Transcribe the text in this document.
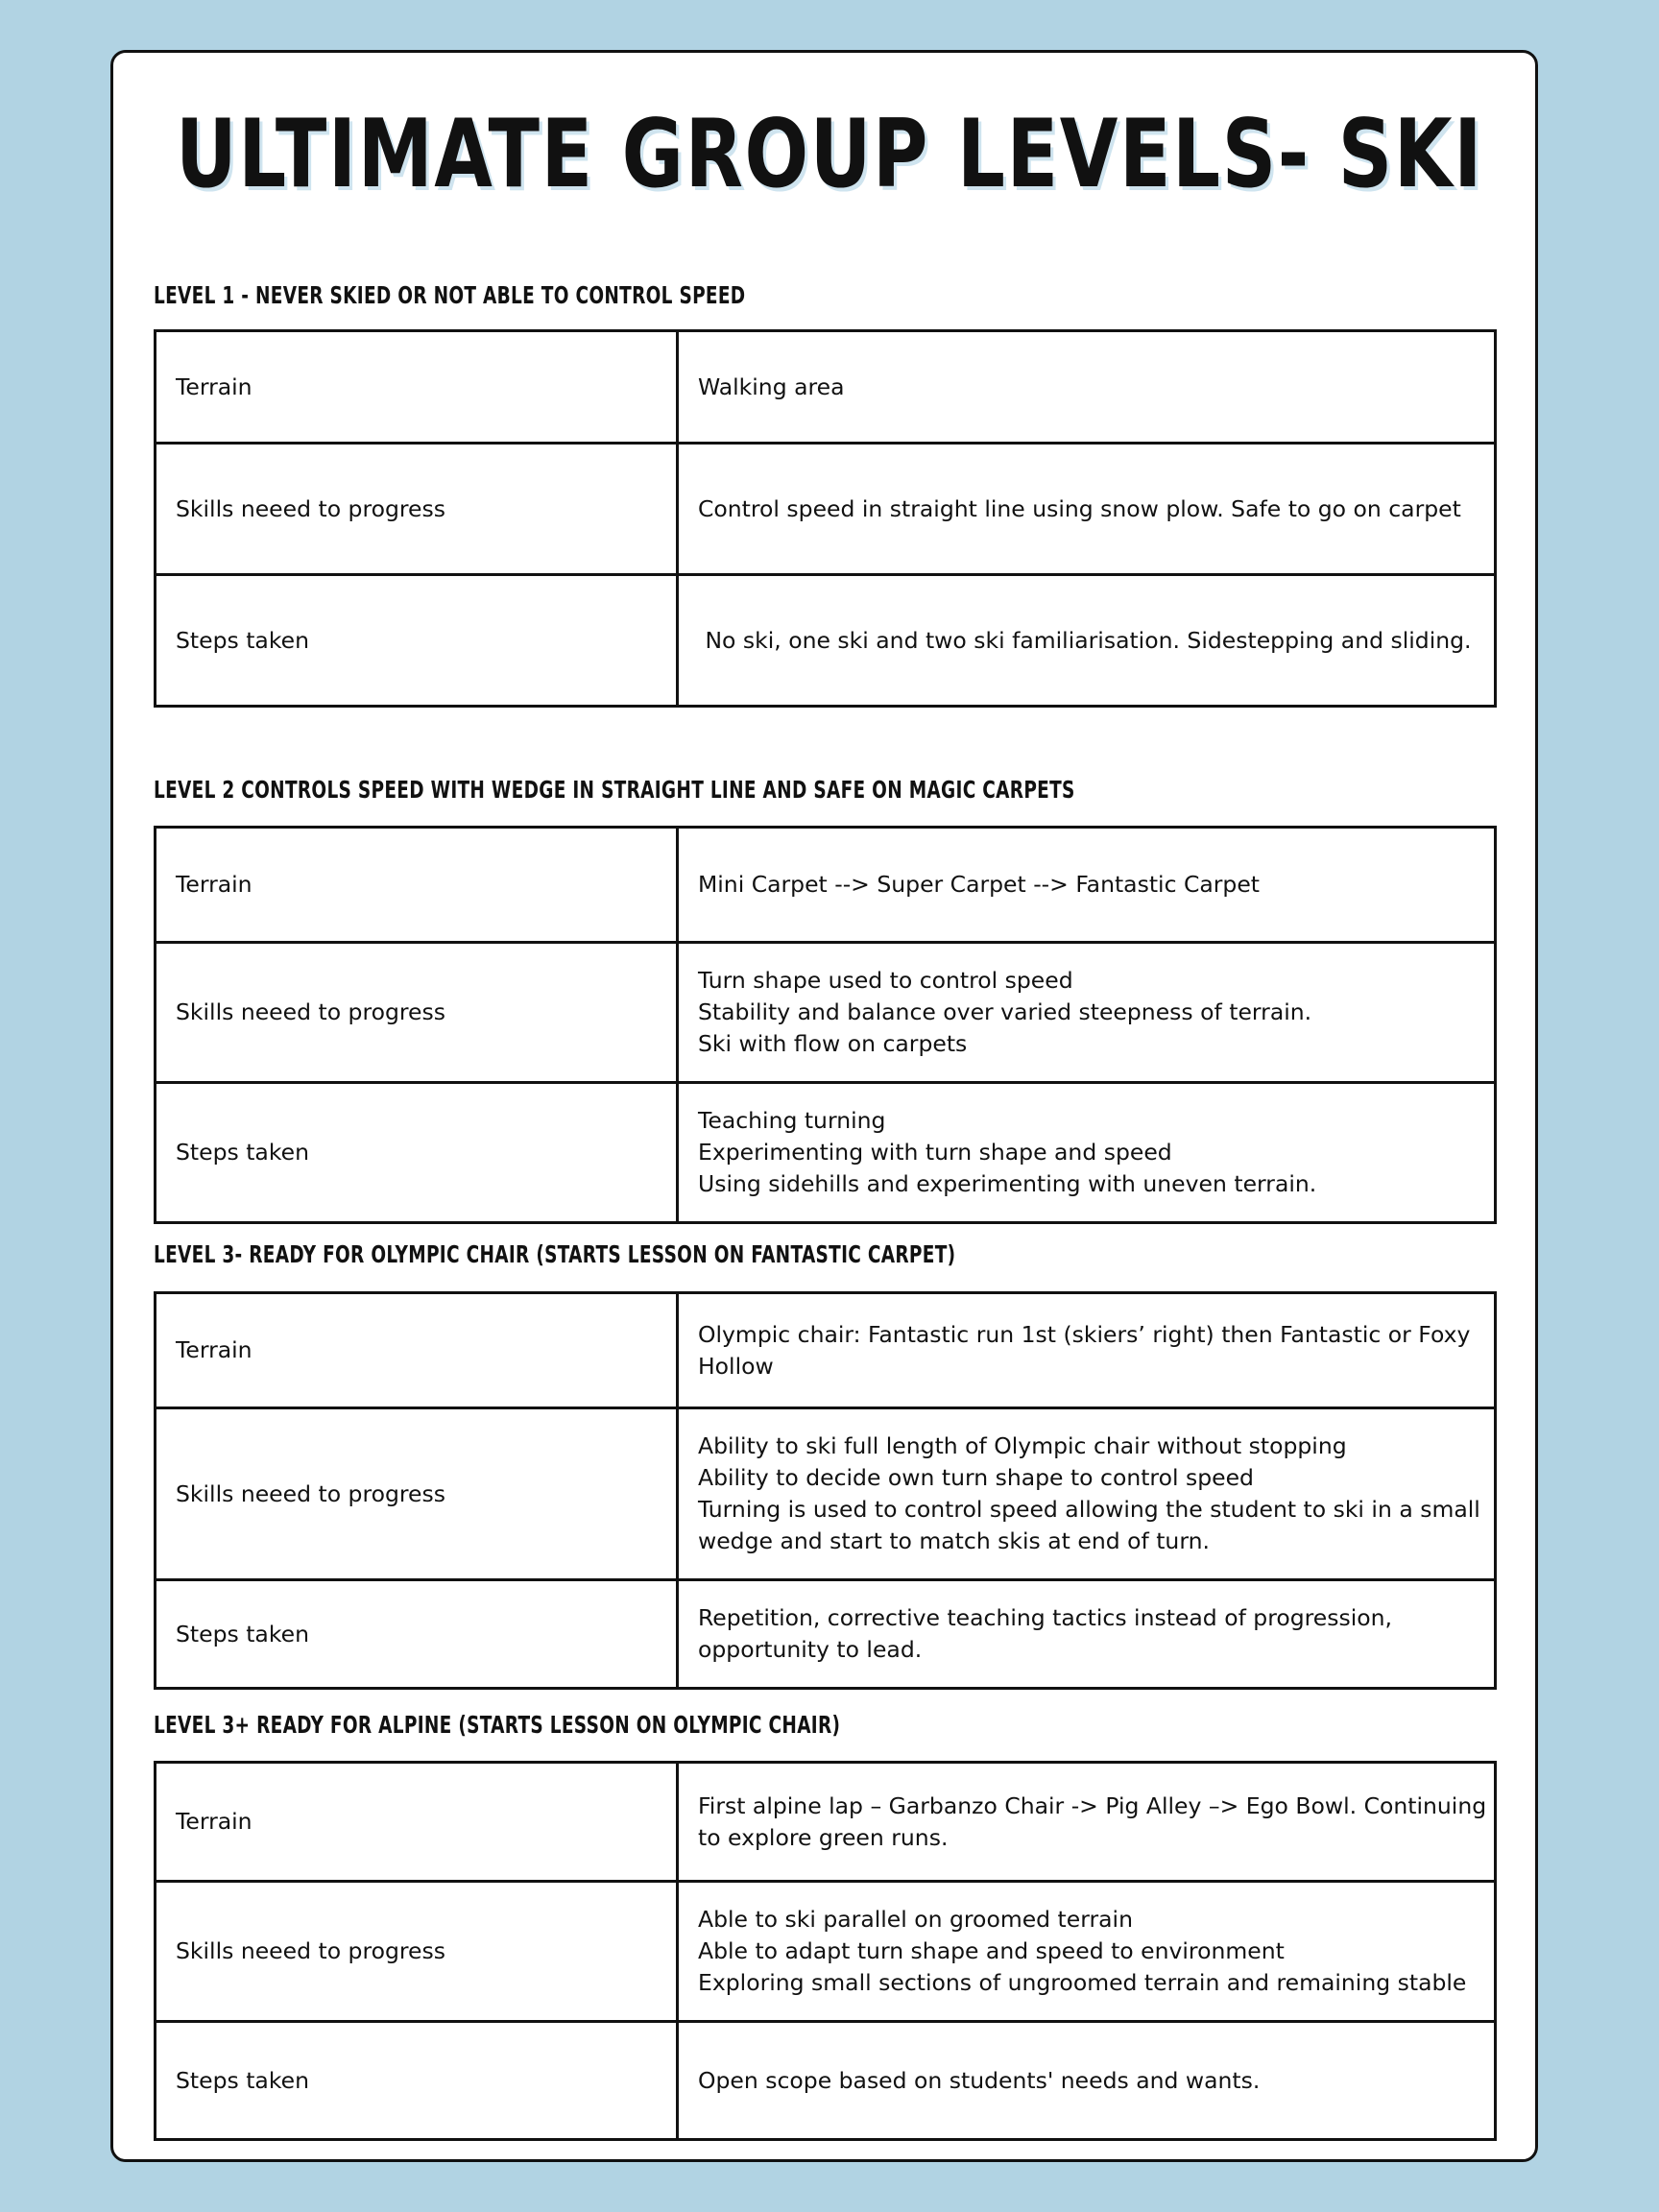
ULTIMATE GROUP LEVELS- SKI
LEVEL 1 - NEVER SKIED OR NOT ABLE TO CONTROL SPEED
Terrain	Walking area

Skills neeed to progress	Control speed in straight line using snow plow. Safe to go on carpet

Steps taken	No ski, one ski and two ski familiarisation. Sidestepping and sliding.
LEVEL 2 CONTROLS SPEED WITH WEDGE IN STRAIGHT LINE AND SAFE ON MAGIC CARPETS
Terrain	Mini Carpet --> Super Carpet --> Fantastic Carpet

Skills neeed to progress	Turn shape used to control speed
Stability and balance over varied steepness of terrain.
Ski with flow on carpets

Steps taken	Teaching turning
Experimenting with turn shape and speed
Using sidehills and experimenting with uneven terrain.
LEVEL 3- READY FOR OLYMPIC CHAIR (STARTS LESSON ON FANTASTIC CARPET)
Terrain	Olympic chair: Fantastic run 1st (skiers’ right) then Fantastic or Foxy
Hollow

Skills neeed to progress	Ability to ski full length of Olympic chair without stopping
Ability to decide own turn shape to control speed
Turning is used to control speed allowing the student to ski in a small
wedge and start to match skis at end of turn.

Steps taken	Repetition, corrective teaching tactics instead of progression,
opportunity to lead.
LEVEL 3+ READY FOR ALPINE (STARTS LESSON ON OLYMPIC CHAIR)
Terrain	First alpine lap – Garbanzo Chair -> Pig Alley –> Ego Bowl. Continuing
to explore green runs.

Skills neeed to progress	Able to ski parallel on groomed terrain
Able to adapt turn shape and speed to environment
Exploring small sections of ungroomed terrain and remaining stable

Steps taken	Open scope based on students' needs and wants.
